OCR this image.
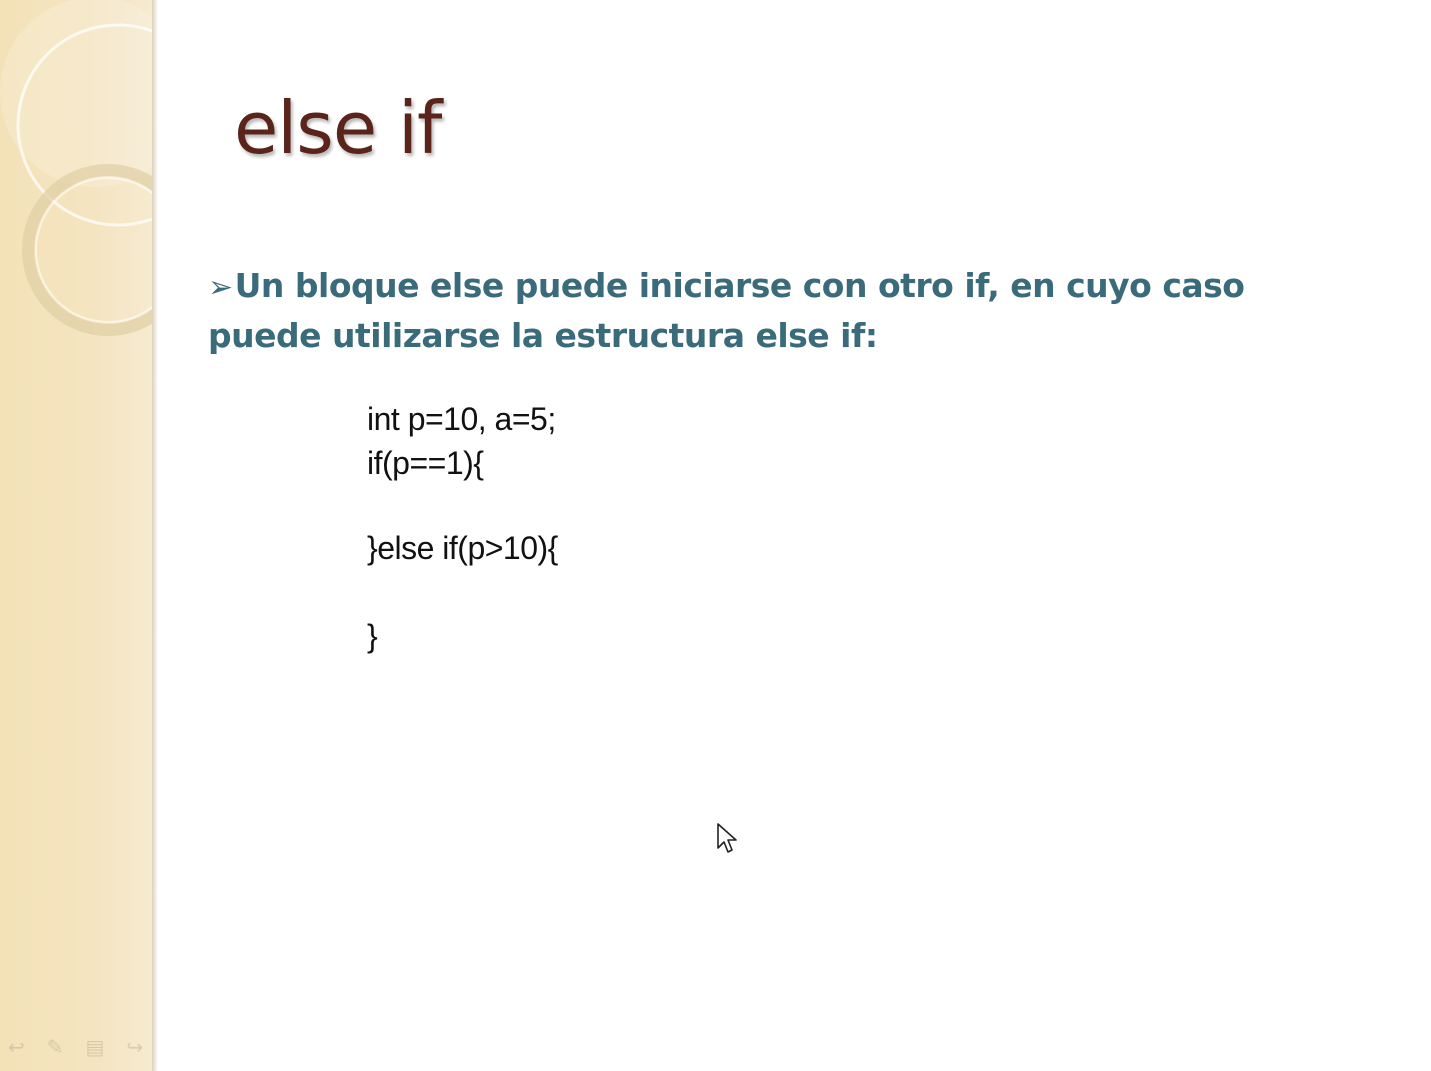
↩ ✎ ▤ ↪
else if
➢Un bloque else puede iniciarse con otro if, en cuyo caso
puede utilizarse la estructura else if:
int p=10, a=5;
if(p==1){
}else if(p>10){
}
